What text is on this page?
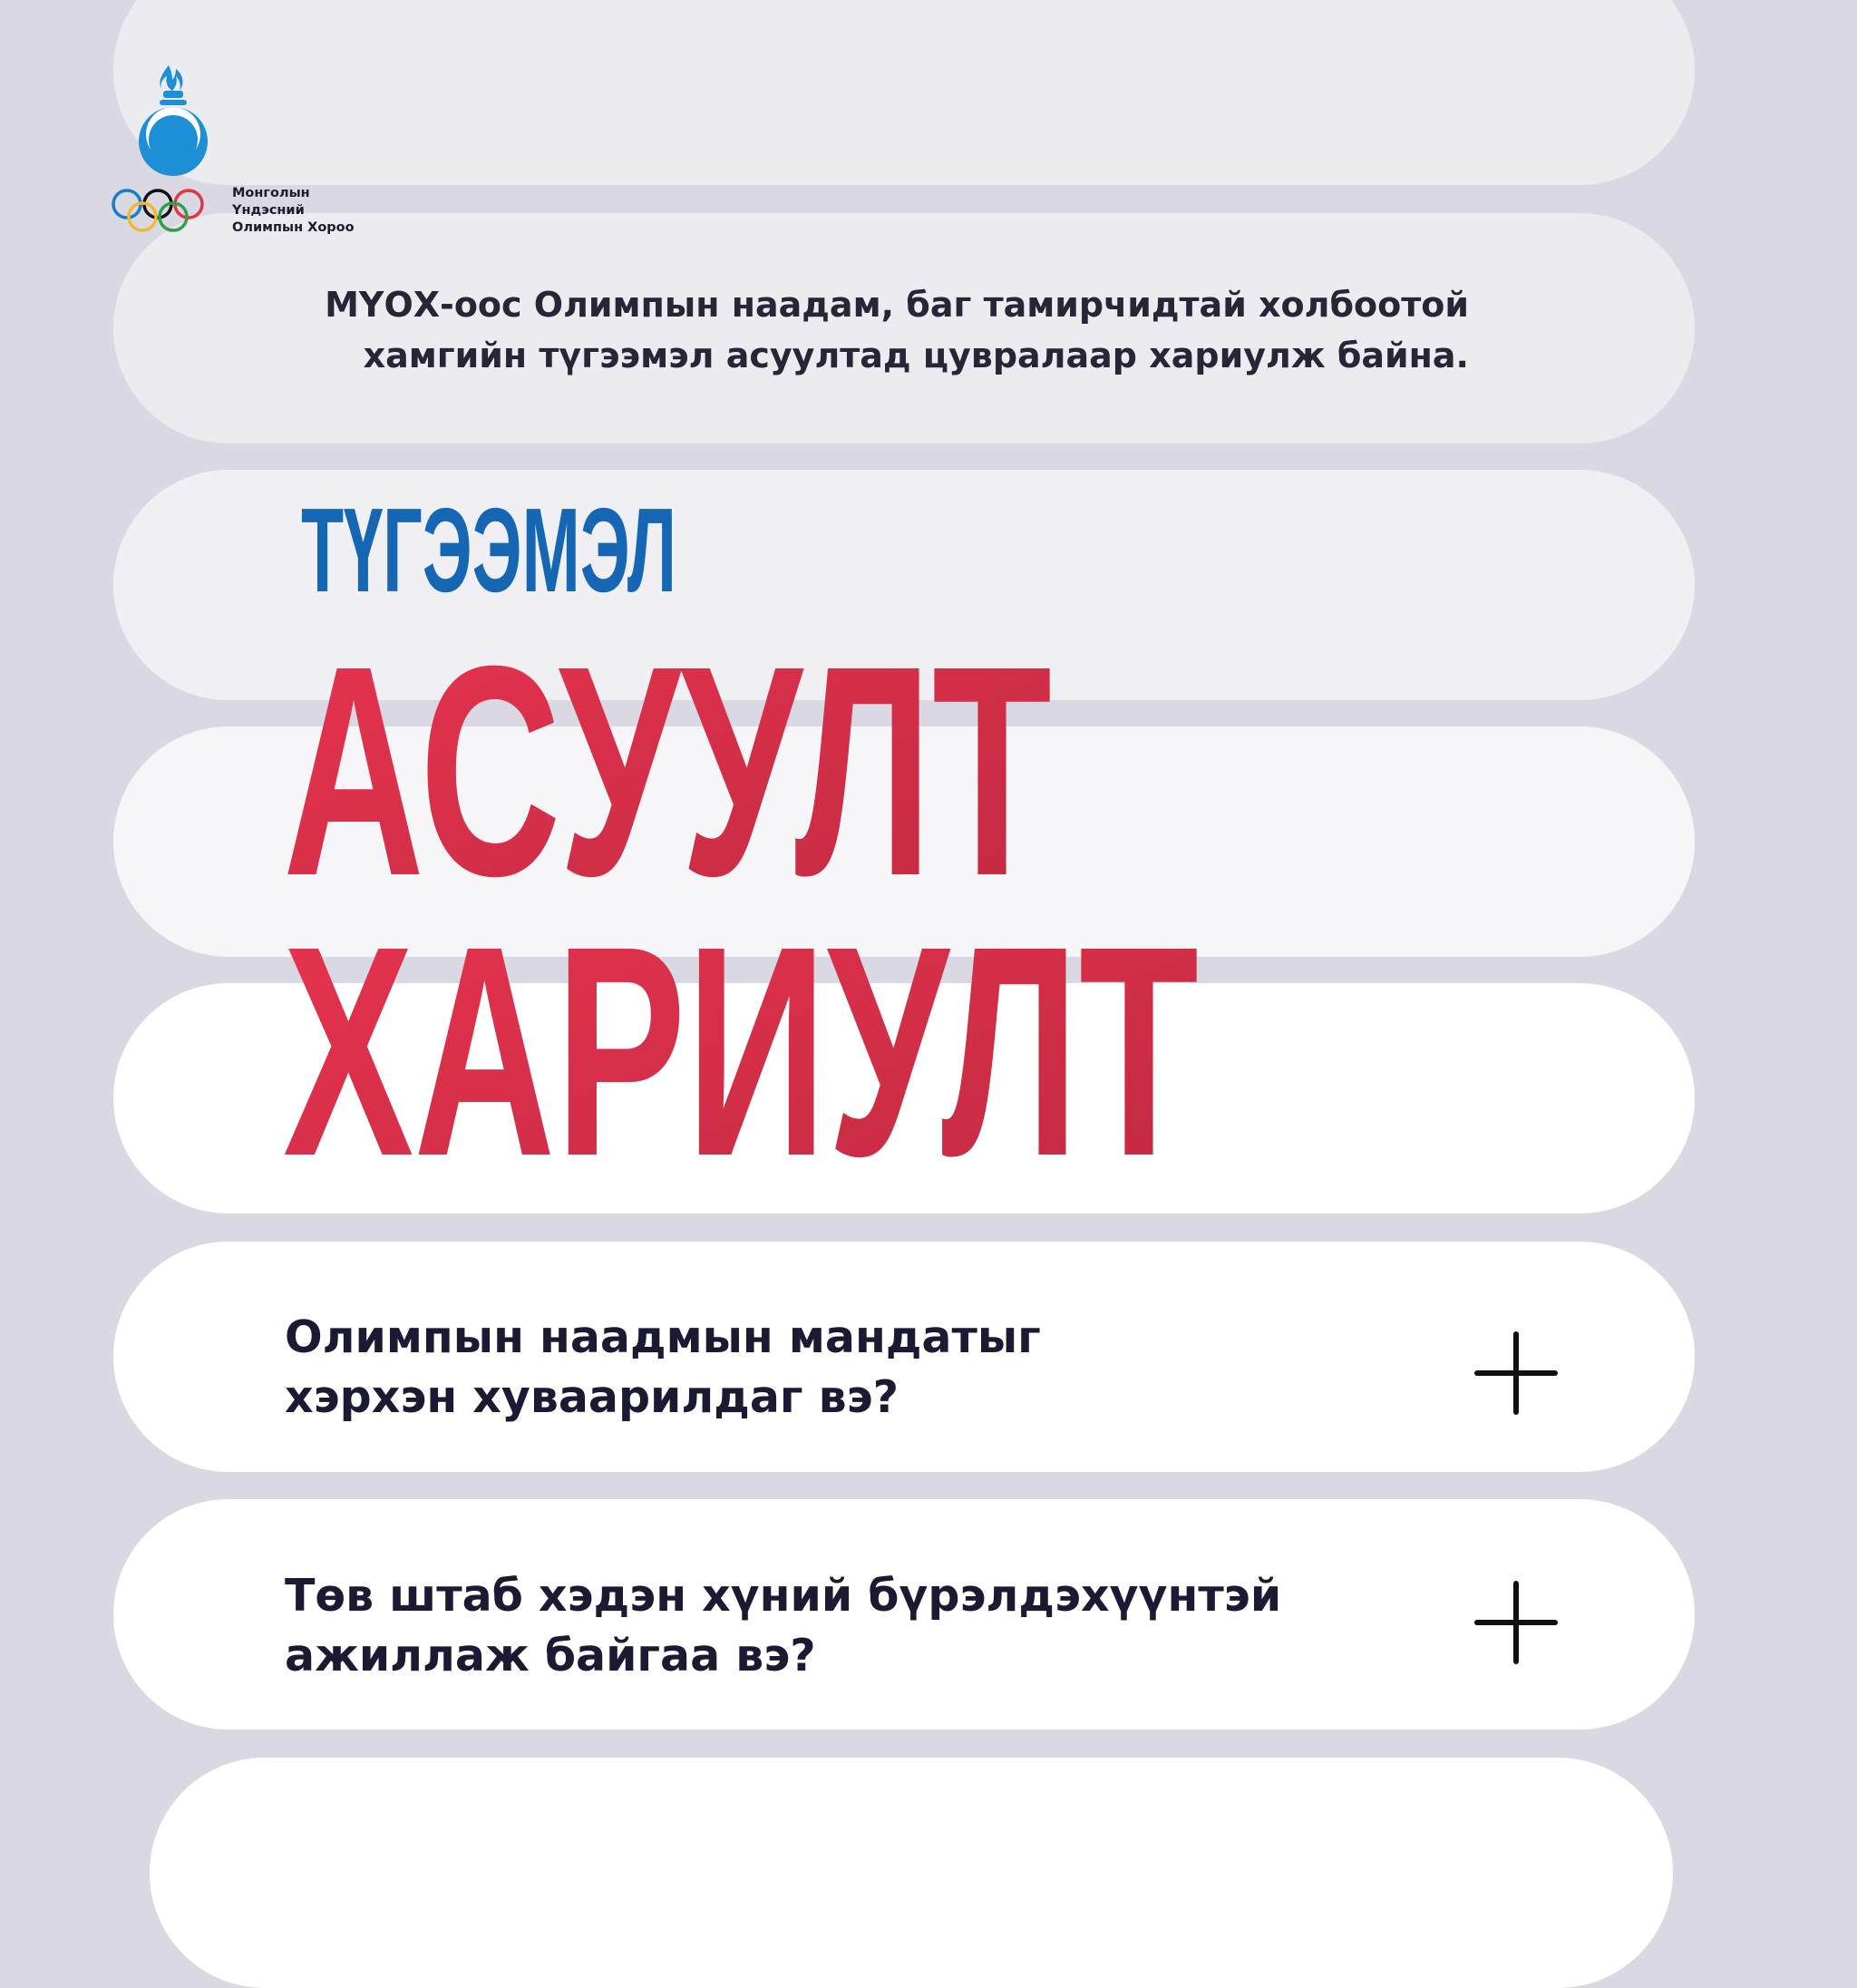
Монголын
Үндэсний
Олимпын Хороо
МҮОХ-оос Олимпын наадам, баг тамирчидтай холбоотой
хамгийн түгээмэл асуултад цувралаар хариулж байна.
ТҮГЭЭМЭЛ
АСУУЛТ
ХАРИУЛТ
Олимпын наадмын мандатыг
хэрхэн хуваарилдаг вэ?
Төв штаб хэдэн хүний бүрэлдэхүүнтэй
ажиллаж байгаа вэ?
